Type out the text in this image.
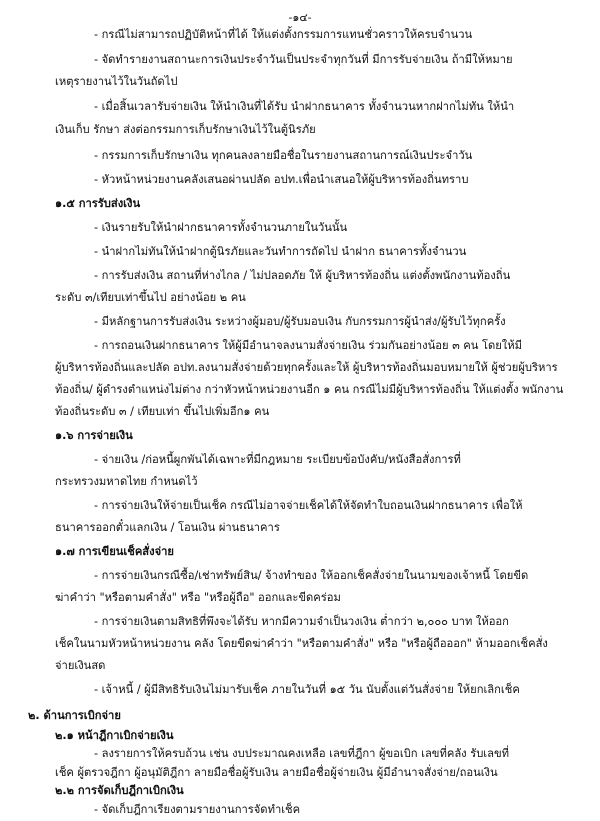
-๑๔-
- กรณีไม่สามารถปฏิบัติหน้าที่ได้ ให้แต่งตั้งกรรมการแทนชั่วคราวให้ครบจำนวน
- จัดทำรายงานสถานะการเงินประจำวันเป็นประจำทุกวันที่ มีการรับจ่ายเงิน ถ้ามีให้หมาย
เหตุรายงานไว้ในวันถัดไป
- เมื่อสิ้นเวลารับจ่ายเงิน ให้นำเงินที่ได้รับ นำฝากธนาคาร ทั้งจำนวนหากฝากไม่ทัน ให้นำ
เงินเก็บ รักษา ส่งต่อกรรมการเก็บรักษาเงินไว้ในตู้นิรภัย
- กรรมการเก็บรักษาเงิน ทุกคนลงลายมือชื่อในรายงานสถานการณ์เงินประจำวัน
- หัวหน้าหน่วยงานคลังเสนอผ่านปลัด อปท.เพื่อนำเสนอให้ผู้บริหารท้องถิ่นทราบ
๑.๕ การรับส่งเงิน
- เงินรายรับให้นำฝากธนาคารทั้งจำนวนภายในวันนั้น
- นำฝากไม่ทันให้นำฝากตู้นิรภัยและวันทำการถัดไป นำฝาก ธนาคารทั้งจำนวน
- การรับส่งเงิน สถานที่ห่างไกล / ไม่ปลอดภัย ให้ ผู้บริหารท้องถิ่น แต่งตั้งพนักงานท้องถิ่น
ระดับ ๓/เทียบเท่าขึ้นไป อย่างน้อย ๒ คน
- มีหลักฐานการรับส่งเงิน ระหว่างผู้มอบ/ผู้รับมอบเงิน กับกรรมการผู้นำส่ง/ผู้รับไว้ทุกครั้ง
- การถอนเงินฝากธนาคาร ให้ผู้มีอำนาจลงนามสั่งจ่ายเงิน ร่วมกันอย่างน้อย ๓ คน โดยให้มี
ผู้บริหารท้องถิ่นและปลัด อปท.ลงนามสั่งจ่ายด้วยทุกครั้งและให้ ผู้บริหารท้องถิ่นมอบหมายให้ ผู้ช่วยผู้บริหาร
ท้องถิ่น/ ผู้ดำรงตำแหน่งไม่ต่าง กว่าหัวหน้าหน่วยงานอีก ๑ คน กรณีไม่มีผู้บริหารท้องถิ่น ให้แต่งตั้ง พนักงาน
ท้องถิ่นระดับ ๓ / เทียบเท่า ขึ้นไปเพิ่มอีก๑ คน
๑.๖ การจ่ายเงิน
- จ่ายเงิน /ก่อหนี้ผูกพันได้เฉพาะที่มีกฎหมาย ระเบียบข้อบังคับ/หนังสือสั่งการที่
กระทรวงมหาดไทย กำหนดไว้
- การจ่ายเงินให้จ่ายเป็นเช็ค กรณีไม่อาจจ่ายเช็คได้ให้จัดทำใบถอนเงินฝากธนาคาร เพื่อให้
ธนาคารออกตั๋วแลกเงิน / โอนเงิน ผ่านธนาคาร
๑.๗ การเขียนเช็คสั่งจ่าย
- การจ่ายเงินกรณีซื้อ/เช่าทรัพย์สิน/ จ้างทำของ ให้ออกเช็คสั่งจ่ายในนามของเจ้าหนี้ โดยขีด
ฆ่าคำว่า "หรือตามคำสั่ง" หรือ "หรือผู้ถือ" ออกและขีดคร่อม
- การจ่ายเงินตามสิทธิที่พึงจะได้รับ หากมีความจำเป็นวงเงิน ต่ำกว่า ๒,๐๐๐ บาท ให้ออก
เช็คในนามหัวหน้าหน่วยงาน คลัง โดยขีดฆ่าคำว่า "หรือตามคำสั่ง" หรือ "หรือผู้ถือออก" ห้ามออกเช็คสั่ง
จ่ายเงินสด
- เจ้าหนี้ / ผู้มีสิทธิรับเงินไม่มารับเช็ค ภายในวันที่ ๑๕ วัน นับตั้งแต่วันสั่งจ่าย ให้ยกเลิกเช็ค
๒. ด้านการเบิกจ่าย
๒.๑ หน้าฎีกาเบิกจ่ายเงิน
- ลงรายการให้ครบถ้วน เช่น งบประมาณคงเหลือ เลขที่ฎีกา ผู้ขอเบิก เลขที่คลัง รับเลขที่
เช็ค ผู้ตรวจฎีกา ผู้อนุมัติฎีกา ลายมือชื่อผู้รับเงิน ลายมือชื่อผู้จ่ายเงิน ผู้มีอำนาจสั่งจ่าย/ถอนเงิน
๒.๒ การจัดเก็บฎีกาเบิกเงิน
- จัดเก็บฎีกาเรียงตามรายงานการจัดทำเช็ค
